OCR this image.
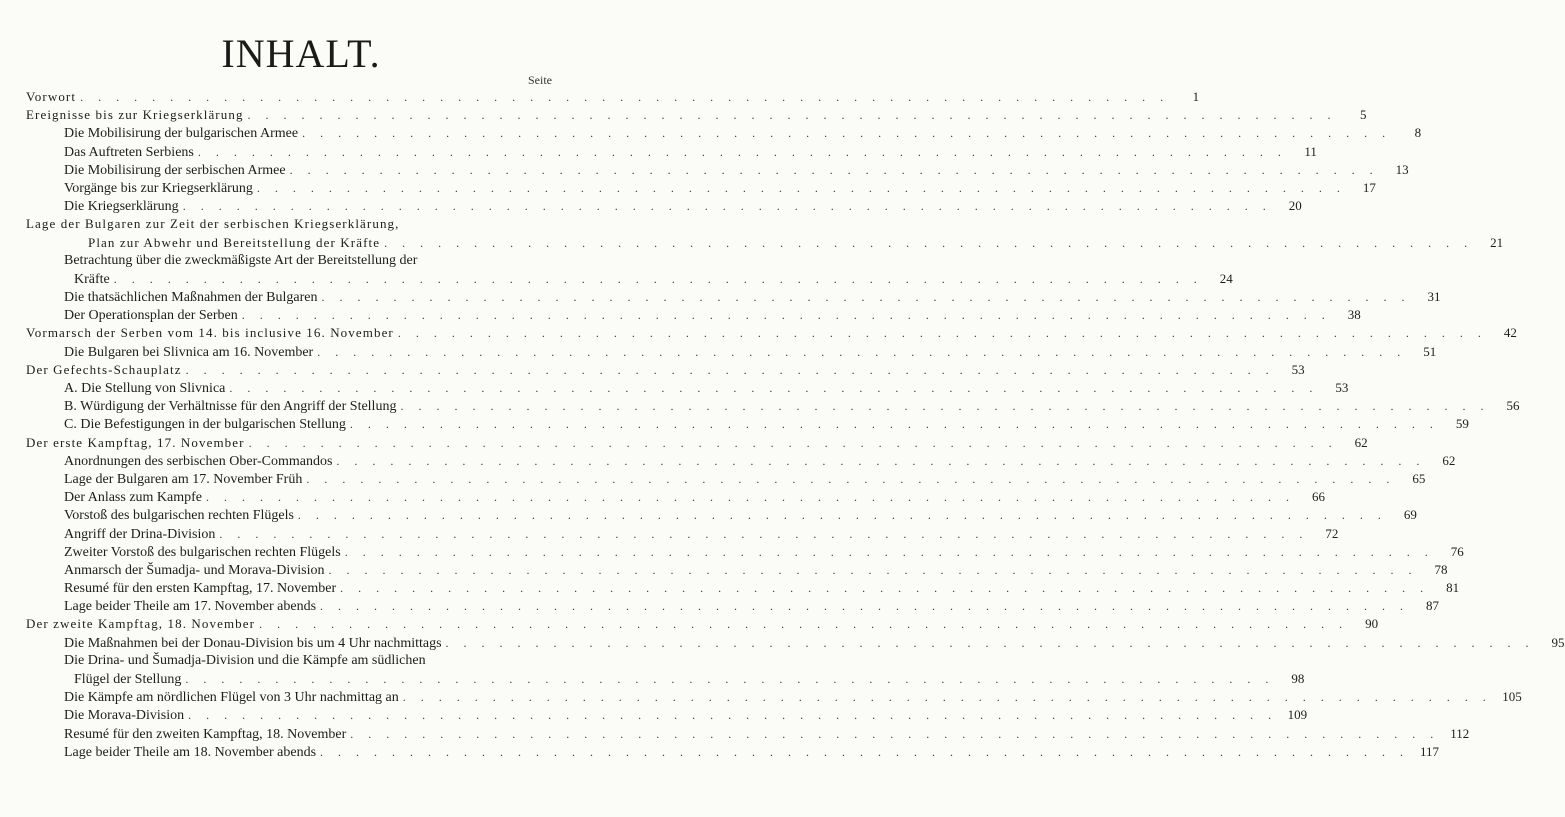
INHALT.
Seite
Vorwort . . .	1
Ereignisse bis zur Kriegserklärung . . .	5
Die Mobilisirung der bulgarischen Armee . . .	8
Das Auftreten Serbiens . . .	11
Die Mobilisirung der serbischen Armee . . .	13
Vorgänge bis zur Kriegserklärung . . .	17
Die Kriegserklärung . . .	20
Lage der Bulgaren zur Zeit der serbischen Kriegserklärung,
Plan zur Abwehr und Bereitstellung der Kräfte . . .	21
Betrachtung über die zweckmäßigste Art der Bereitstellung der
Kräfte . . .	24
Die thatsächlichen Maßnahmen der Bulgaren . . .	31
Der Operationsplan der Serben . . .	38
Vormarsch der Serben vom 14. bis inclusive 16. November . . .	42
Die Bulgaren bei Slivnica am 16. November . . .	51
Der Gefechts-Schauplatz . . .	53
A. Die Stellung von Slivnica . . .	53
B. Würdigung der Verhältnisse für den Angriff der Stellung . . .	56
C. Die Befestigungen in der bulgarischen Stellung . . .	59
Der erste Kampftag, 17. November . . .	62
Anordnungen des serbischen Ober-Commandos . . .	62
Lage der Bulgaren am 17. November Früh . . .	65
Der Anlass zum Kampfe . . .	66
Vorstoß des bulgarischen rechten Flügels . . .	69
Angriff der Drina-Division . . .	72
Zweiter Vorstoß des bulgarischen rechten Flügels . . .	76
Anmarsch der Šumadja- und Morava-Division . . .	78
Resumé für den ersten Kampftag, 17. November . . .	81
Lage beider Theile am 17. November abends . . .	87
Der zweite Kampftag, 18. November . . .	90
Die Maßnahmen bei der Donau-Division bis um 4 Uhr nachmittags . . .	95
Die Drina- und Šumadja-Division und die Kämpfe am südlichen
Flügel der Stellung . . .	98
Die Kämpfe am nördlichen Flügel von 3 Uhr nachmittag an . . .	105
Die Morava-Division . . .	109
Resumé für den zweiten Kampftag, 18. November . . .	112
Lage beider Theile am 18. November abends . . .	117
